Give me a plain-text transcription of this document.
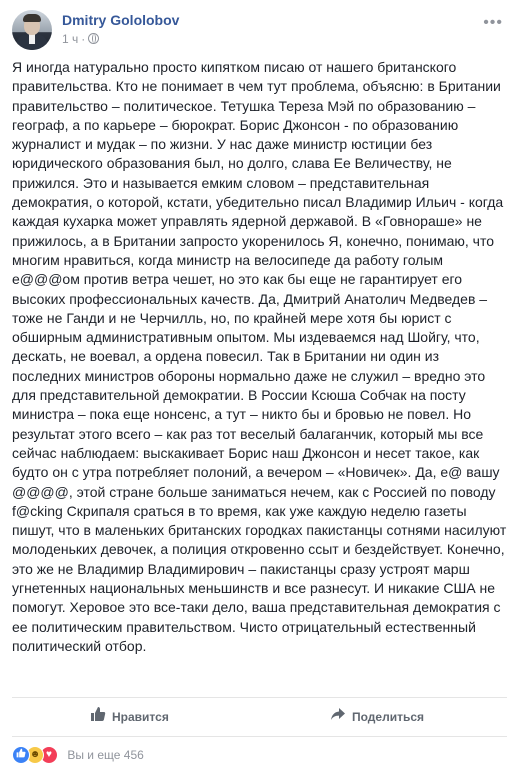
Dmitry Gololobov
1 ч ·
•••
Я иногда натурально просто кипятком писаю от нашего британского правительства. Кто не понимает в чем тут проблема, объясню: в Британии правительство – политическое. Тетушка Тереза Мэй по образованию – географ, а по карьере – бюрократ. Борис Джонсон - по образованию журналист и мудак – по жизни. У нас даже министр юстиции без юридического образования был, но долго, слава Ее Величеству, не прижился. Это и называется емким словом – представительная демократия, о которой, кстати, убедительно писал Владимир Ильич - когда каждая кухарка может управлять ядерной державой. В «Говнораше» не прижилось, а в Британии запросто укоренилось Я, конечно, понимаю, что многим нравиться, когда министр на велосипеде да работу голым е@@@ом против ветра чешет, но это как бы еще не гарантирует его высоких профессиональных качеств. Да, Дмитрий Анатолич Медведев – тоже не Ганди и не Черчилль, но, по крайней мере хотя бы юрист с обширным административным опытом. Мы издеваемся над Шойгу, что, дескать, не воевал, а ордена повесил. Так в Британии ни один из последних министров обороны нормально даже не служил – вредно это для представительной демократии. В России Ксюша Собчак на посту министра – пока еще нонсенс, а тут – никто бы и бровью не повел. Но результат этого всего – как раз тот веселый балаганчик, который мы все сейчас наблюдаем: выскакивает Борис наш Джонсон и несет такое, как будто он с утра потребляет полоний, а вечером – «Новичек». Да, е@ вашу @@@@, этой стране больше заниматься нечем, как с Россией по поводу f@cking Скрипаля сраться в то время, как уже каждую неделю газеты пишут, что в маленьких британских городках пакистанцы сотнями насилуют молоденьких девочек, а полиция откровенно ссыт и бездействует. Конечно, это же не Владимир Владимирович – пакистанцы сразу устроят марш угнетенных национальных меньшинств и все разнесут. И никакие США не помогут. Херовое это все-таки дело, ваша представительная демократия с ее политическим правительством. Чисто отрицательный естественный политический отбор.
Нравится	Поделиться
☻ ♥ Вы и еще 456
